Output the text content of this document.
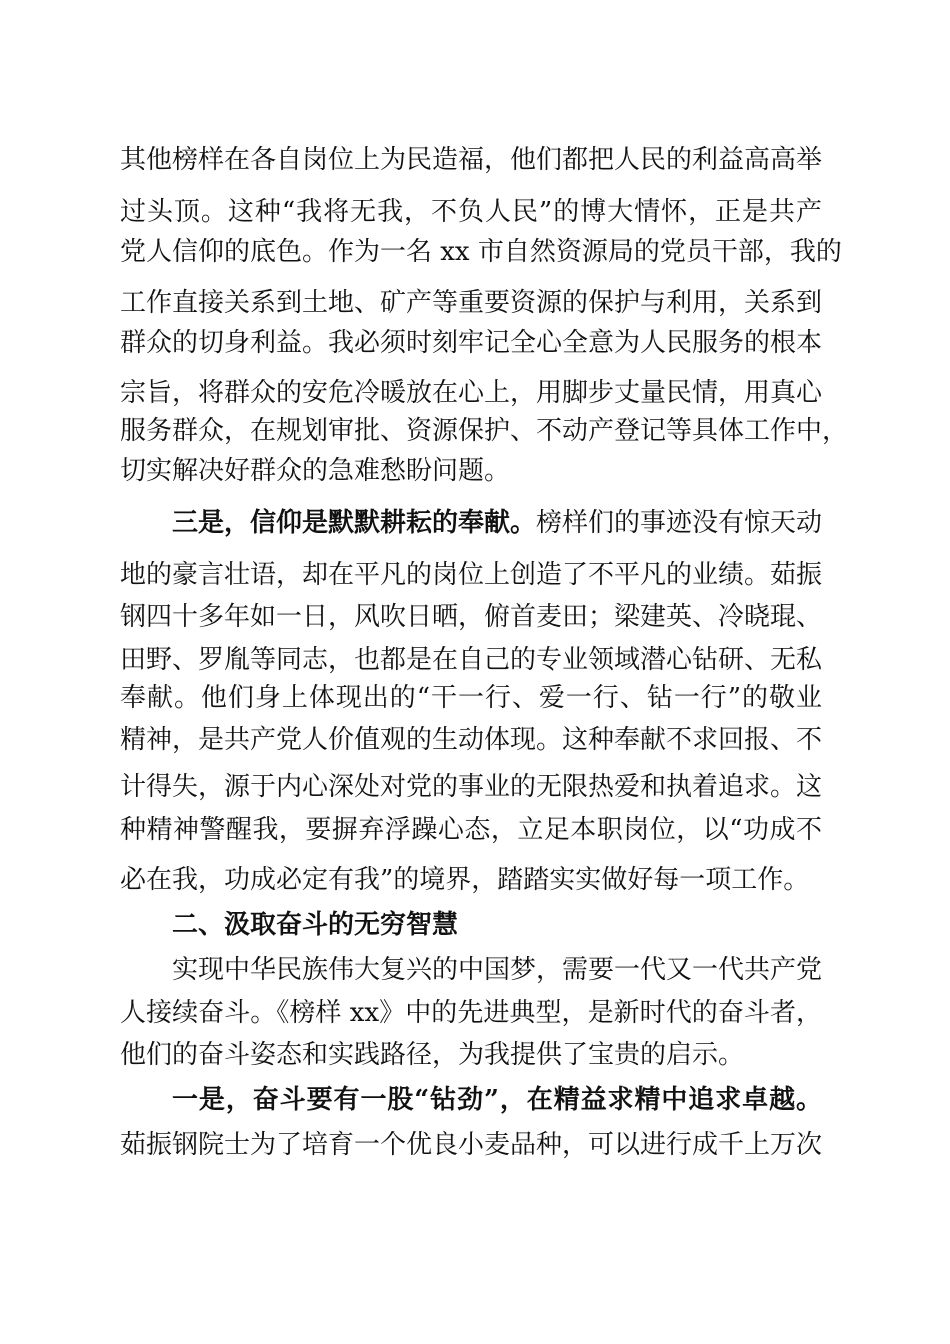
其他榜样在各自岗位上为民造福，他们都把人民的利益高高举
过头顶。这种“我将无我，不负人民”的博大情怀，正是共产
党人信仰的底色。作为一名 xx 市自然资源局的党员干部，我的
工作直接关系到土地、矿产等重要资源的保护与利用，关系到
群众的切身利益。我必须时刻牢记全心全意为人民服务的根本
宗旨，将群众的安危冷暖放在心上，用脚步丈量民情，用真心
服务群众，在规划审批、资源保护、不动产登记等具体工作中，
切实解决好群众的急难愁盼问题。
三是，信仰是默默耕耘的奉献。榜样们的事迹没有惊天动
地的豪言壮语，却在平凡的岗位上创造了不平凡的业绩。茹振
钢四十多年如一日，风吹日晒，俯首麦田；梁建英、冷晓琨、
田野、罗胤等同志，也都是在自己的专业领域潜心钻研、无私
奉献。他们身上体现出的“干一行、爱一行、钻一行”的敬业
精神，是共产党人价值观的生动体现。这种奉献不求回报、不
计得失，源于内心深处对党的事业的无限热爱和执着追求。这
种精神警醒我，要摒弃浮躁心态，立足本职岗位，以“功成不
必在我，功成必定有我”的境界，踏踏实实做好每一项工作。
二、汲取奋斗的无穷智慧
实现中华民族伟大复兴的中国梦，需要一代又一代共产党
人接续奋斗。《榜样 xx》中的先进典型，是新时代的奋斗者，
他们的奋斗姿态和实践路径，为我提供了宝贵的启示。
一是，奋斗要有一股“钻劲”，在精益求精中追求卓越。
茹振钢院士为了培育一个优良小麦品种，可以进行成千上万次
